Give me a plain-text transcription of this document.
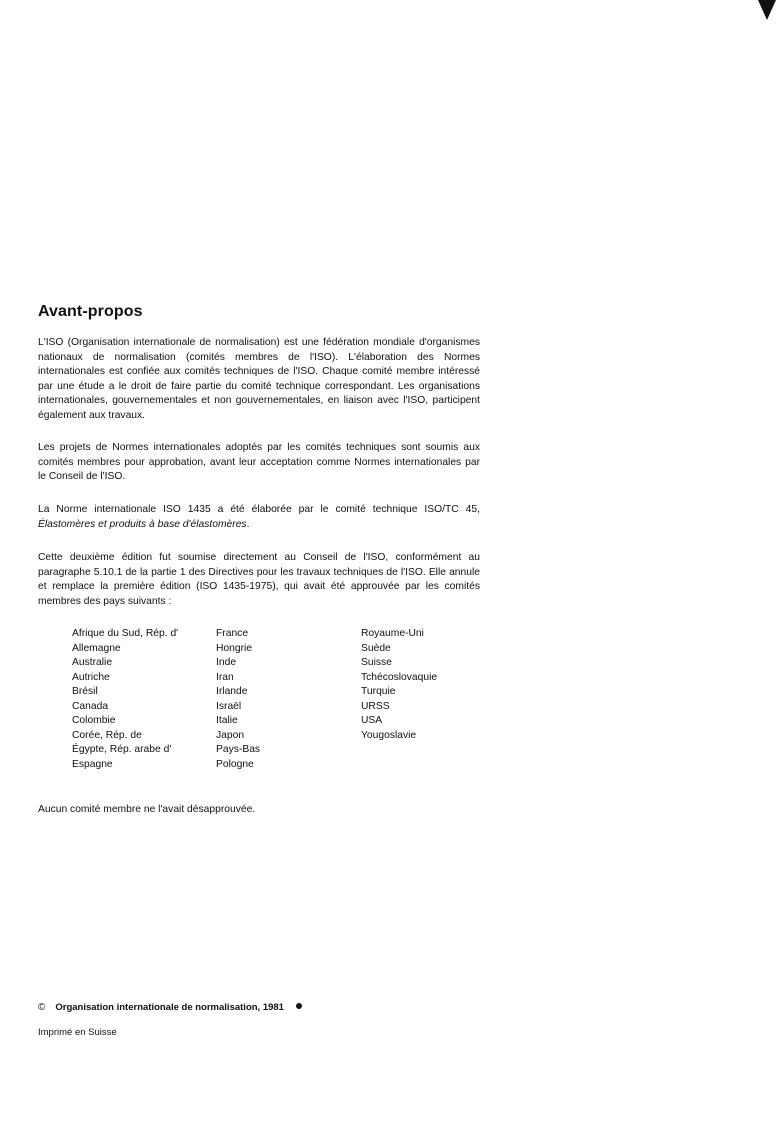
Avant-propos

L'ISO (Organisation internationale de normalisation) est une fédération mondiale d'organismes nationaux de normalisation (comités membres de l'ISO). L'élaboration des Normes internationales est confiée aux comités techniques de l'ISO. Chaque comité membre intéressé par une étude a le droit de faire partie du comité technique correspondant. Les organisations internationales, gouvernementales et non gouvernementales, en liaison avec l'ISO, participent également aux travaux.

Les projets de Normes internationales adoptés par les comités techniques sont soumis aux comités membres pour approbation, avant leur acceptation comme Normes internationales par le Conseil de l'ISO.

La Norme internationale ISO 1435 a été élaborée par le comité technique ISO/TC 45, Élastomères et produits à base d'élastomères.

Cette deuxième édition fut soumise directement au Conseil de l'ISO, conformément au paragraphe 5.10.1 de la partie 1 des Directives pour les travaux techniques de l'ISO. Elle annule et remplace la première édition (ISO 1435-1975), qui avait été approuvée par les comités membres des pays suivants :

Afrique du Sud, Rép. d'
Allemagne
Australie
Autriche
Brésil
Canada
Colombie
Corée, Rép. de
Égypte, Rép. arabe d'
Espagne
France
Hongrie
Inde
Iran
Irlande
Israël
Italie
Japon
Pays-Bas
Pologne
Royaume-Uni
Suède
Suisse
Tchécoslovaquie
Turquie
URSS
USA
Yougoslavie
Aucun comité membre ne l'avait désapprouvée.
© Organisation internationale de normalisation, 1981
Imprimé en Suisse
